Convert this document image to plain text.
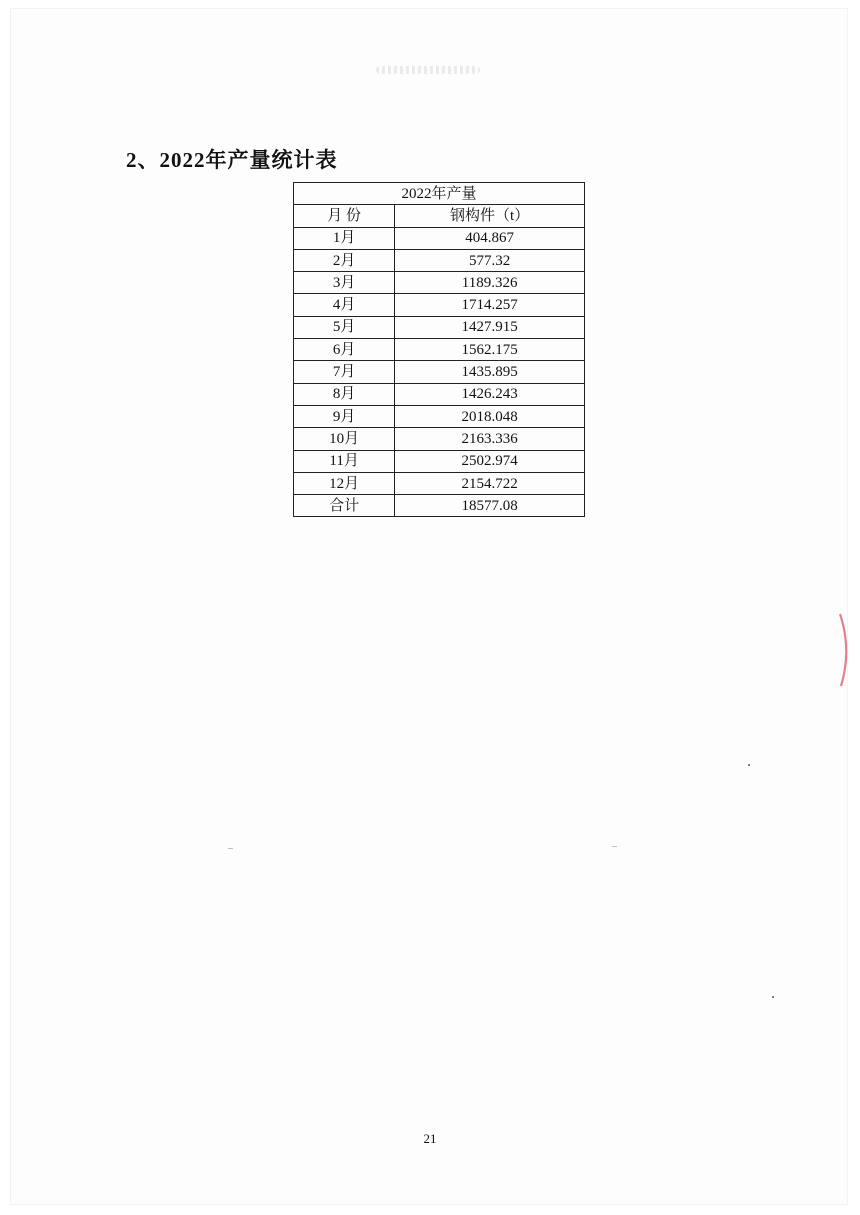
2、2022年产量统计表
2022年产量	
月 份	钢构件（t）
1月	404.867
2月	577.32
3月	1189.326
4月	1714.257
5月	1427.915
6月	1562.175
7月	1435.895
8月	1426.243
9月	2018.048
10月	2163.336
11月	2502.974
12月	2154.722
合计	18577.08
21
